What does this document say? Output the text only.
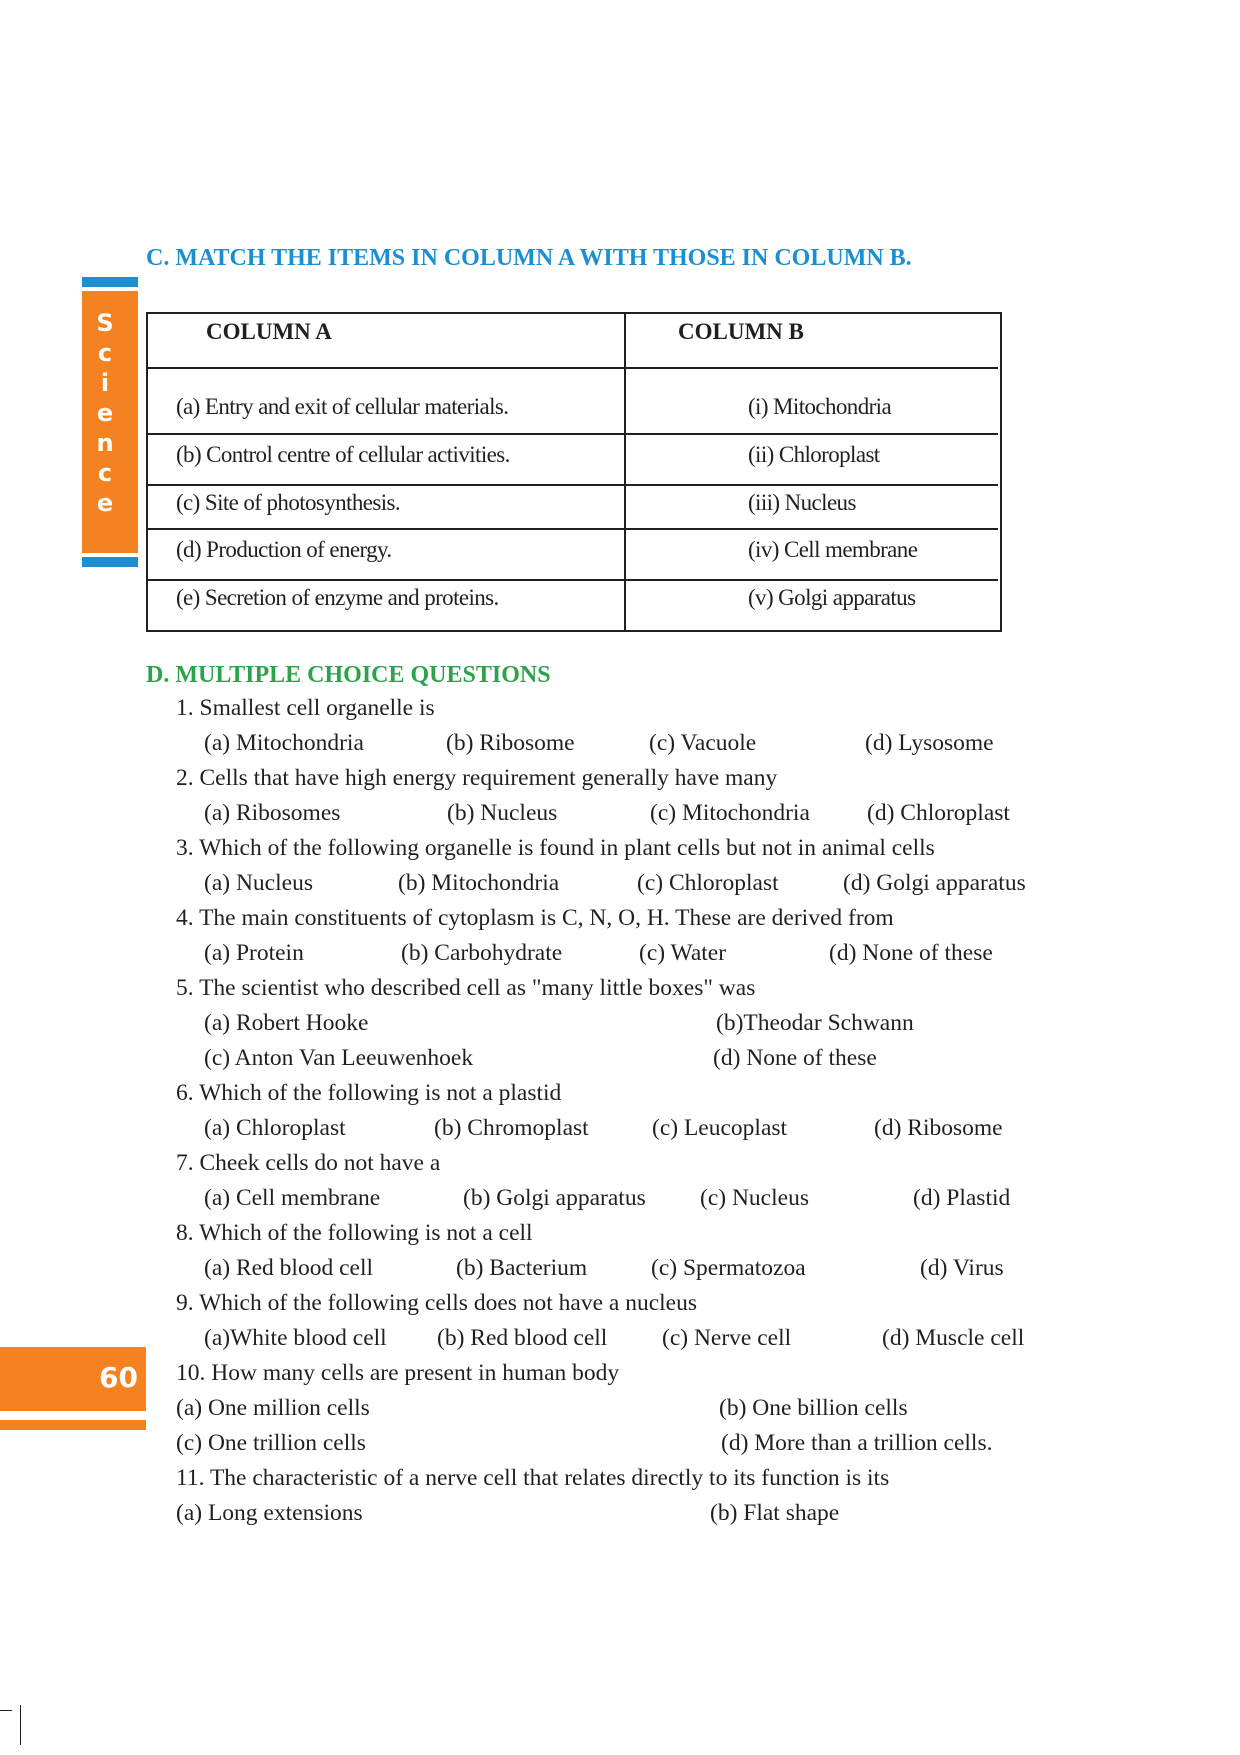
S
c
i
e
n
c
e
60
C. MATCH THE ITEMS IN COLUMN A WITH THOSE IN COLUMN B.
COLUMN A	COLUMN B
(a) Entry and exit of cellular materials.	(i) Mitochondria
(b) Control centre of cellular activities.	(ii) Chloroplast
(c) Site of photosynthesis.	(iii) Nucleus
(d) Production of energy.	(iv) Cell membrane
(e) Secretion of enzyme and proteins.	(v) Golgi apparatus
D. MULTIPLE CHOICE QUESTIONS
1. Smallest cell organelle is
(a) Mitochondria	(b) Ribosome	(c) Vacuole	(d) Lysosome
2. Cells that have high energy requirement generally have many
(a) Ribosomes	(b) Nucleus	(c) Mitochondria (d) Chloroplast
3. Which of the following organelle is found in plant cells but not in animal cells
(a) Nucleus	(b) Mitochondria	(c) Chloroplast	(d) Golgi apparatus
4. The main constituents of cytoplasm is C, N, O, H. These are derived from
(a) Protein	(b) Carbohydrate	(c) Water	(d) None of these
5. The scientist who described cell as "many little boxes" was
(a) Robert Hooke	(b)Theodar Schwann
(c) Anton Van Leeuwenhoek	(d) None of these
6. Which of the following is not a plastid
(a) Chloroplast	(b) Chromoplast	(c) Leucoplast	(d) Ribosome
7. Cheek cells do not have a
(a) Cell membrane	(b) Golgi apparatus (c) Nucleus	(d) Plastid
8. Which of the following is not a cell
(a) Red blood cell	(b) Bacterium	(c) Spermatozoa	(d) Virus
9. Which of the following cells does not have a nucleus
(a)White blood cell (b) Red blood cell (c) Nerve cell	(d) Muscle cell
10. How many cells are present in human body
(a) One million cells	(b) One billion cells
(c) One trillion cells	(d) More than a trillion cells.
11. The characteristic of a nerve cell that relates directly to its function is its
(a) Long extensions	(b) Flat shape
